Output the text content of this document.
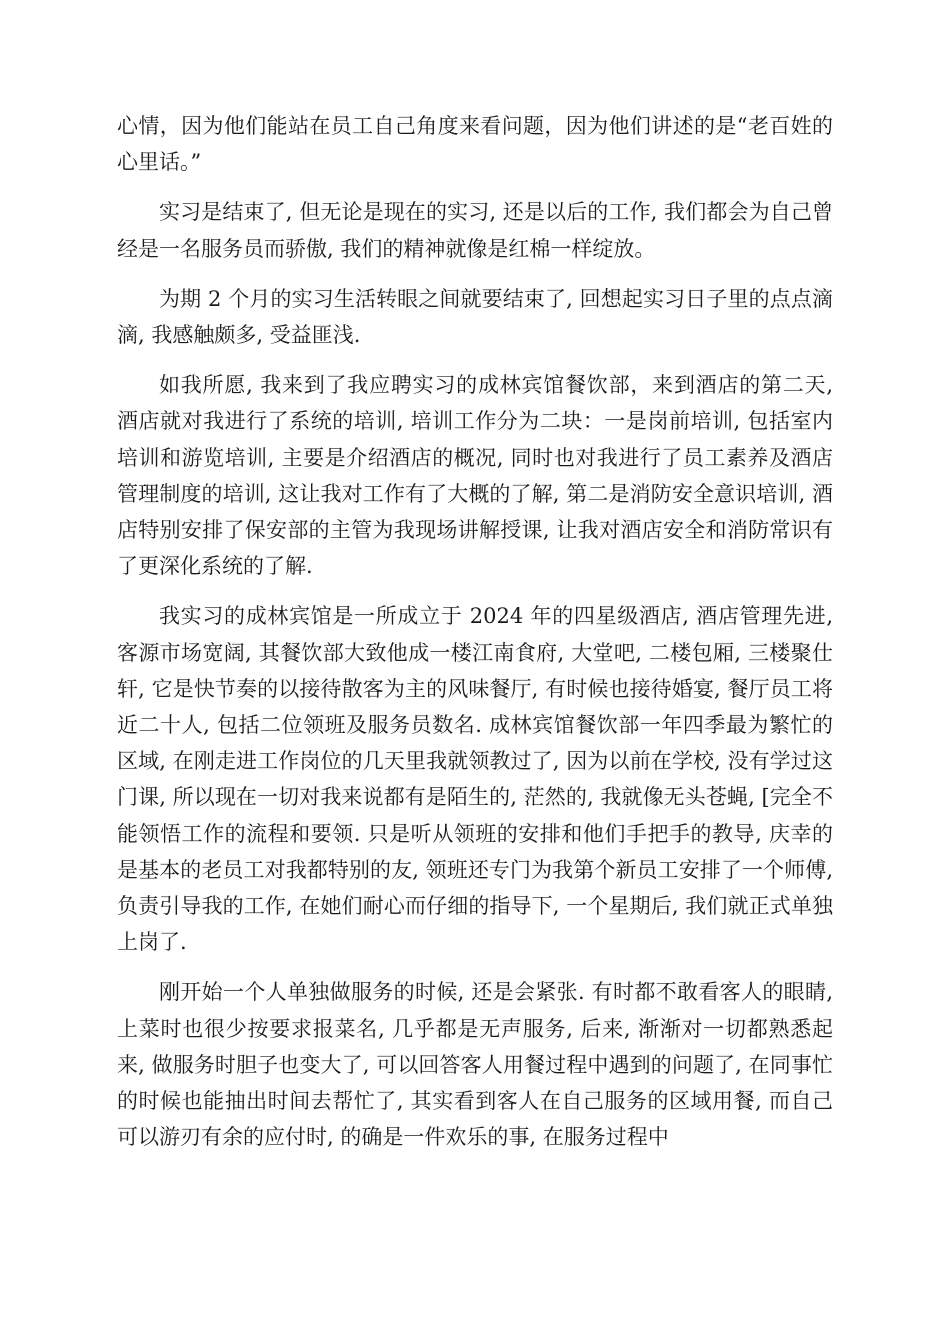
心情，因为他们能站在员工自己角度来看问题，因为他们讲述的是“老百姓的心里话。”

实习是结束了, 但无论是现在的实习, 还是以后的工作, 我们都会为自己曾经是一名服务员而骄傲, 我们的精神就像是红棉一样绽放。

为期 2 个月的实习生活转眼之间就要结束了, 回想起实习日子里的点点滴滴, 我感触颇多, 受益匪浅.

如我所愿, 我来到了我应聘实习的成林宾馆餐饮部，来到酒店的第二天, 酒店就对我进行了系统的培训, 培训工作分为二块：一是岗前培训, 包括室内培训和游览培训, 主要是介绍酒店的概况, 同时也对我进行了员工素养及酒店管理制度的培训, 这让我对工作有了大概的了解, 第二是消防安全意识培训, 酒店特别安排了保安部的主管为我现场讲解授课, 让我对酒店安全和消防常识有了更深化系统的了解.

我实习的成林宾馆是一所成立于 2024 年的四星级酒店, 酒店管理先进, 客源市场宽阔, 其餐饮部大致他成一楼江南食府, 大堂吧, 二楼包厢, 三楼聚仕轩, 它是快节奏的以接待散客为主的风味餐厅, 有时候也接待婚宴, 餐厅员工将近二十人, 包括二位领班及服务员数名. 成林宾馆餐饮部一年四季最为繁忙的区域, 在刚走进工作岗位的几天里我就领教过了, 因为以前在学校, 没有学过这门课, 所以现在一切对我来说都有是陌生的, 茫然的, 我就像无头苍蝇, [完全不能领悟工作的流程和要领. 只是听从领班的安排和他们手把手的教导, 庆幸的是基本的老员工对我都特别的友, 领班还专门为我第个新员工安排了一个师傅, 负责引导我的工作, 在她们耐心而仔细的指导下, 一个星期后, 我们就正式单独上岗了.

刚开始一个人单独做服务的时候, 还是会紧张. 有时都不敢看客人的眼睛, 上菜时也很少按要求报菜名, 几乎都是无声服务, 后来, 渐渐对一切都熟悉起来, 做服务时胆子也变大了, 可以回答客人用餐过程中遇到的问题了, 在同事忙的时候也能抽出时间去帮忙了, 其实看到客人在自己服务的区域用餐, 而自己可以游刃有余的应付时, 的确是一件欢乐的事, 在服务过程中
